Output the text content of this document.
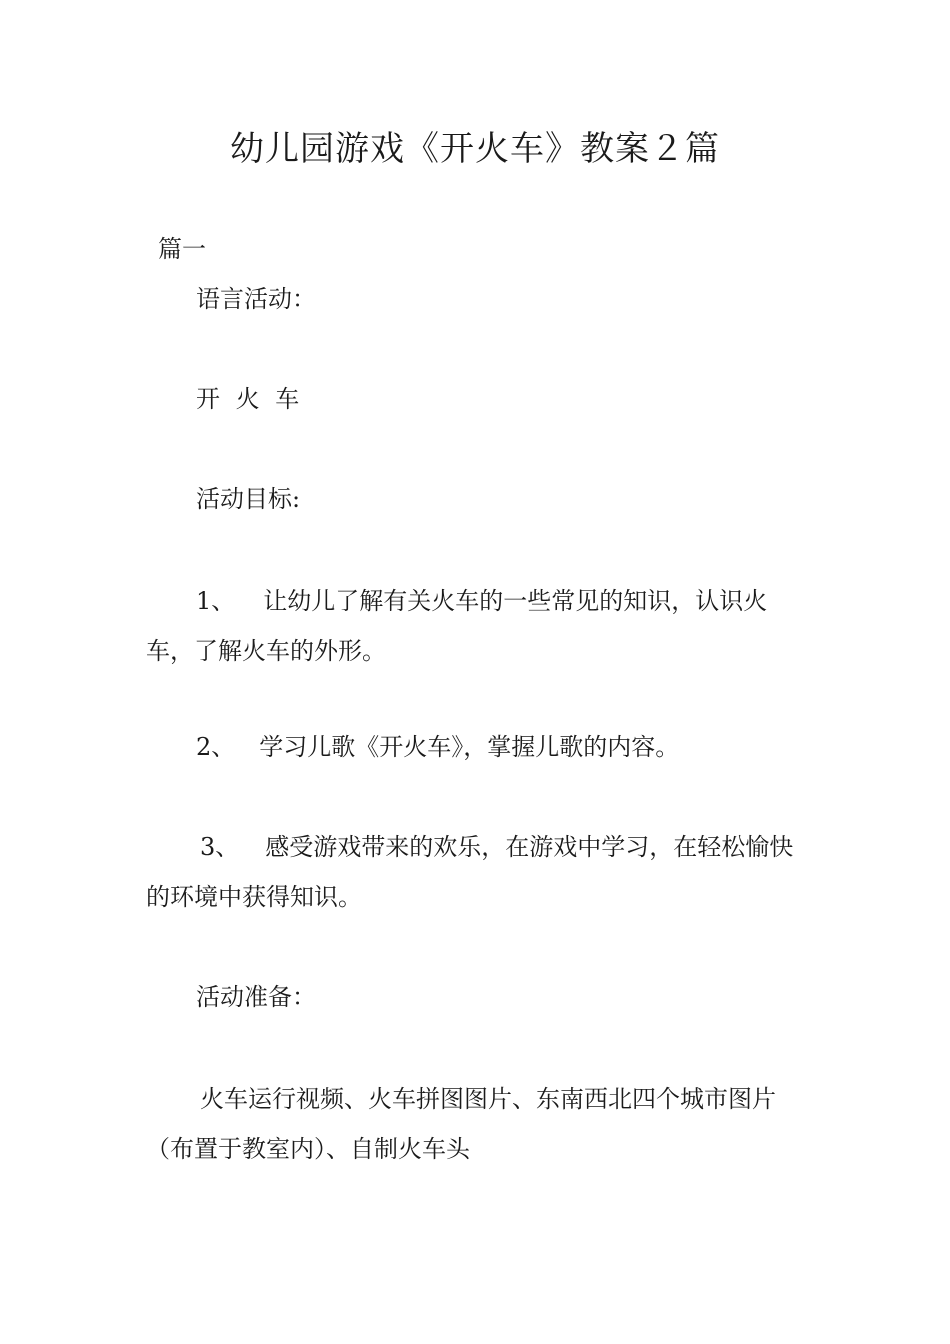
幼儿园游戏《开火车》教案２篇
篇一
语言活动：
开 火 车
活动目标:
1、 让幼儿了解有关火车的一些常见的知识，认识火车，了解火车的外形。
2、 学习儿歌《开火车》，掌握儿歌的内容。
3、 感受游戏带来的欢乐，在游戏中学习，在轻松愉快的环境中获得知识。
活动准备：
火车运行视频、火车拼图图片、东南西北四个城市图片（布置于教室内）、自制火车头
